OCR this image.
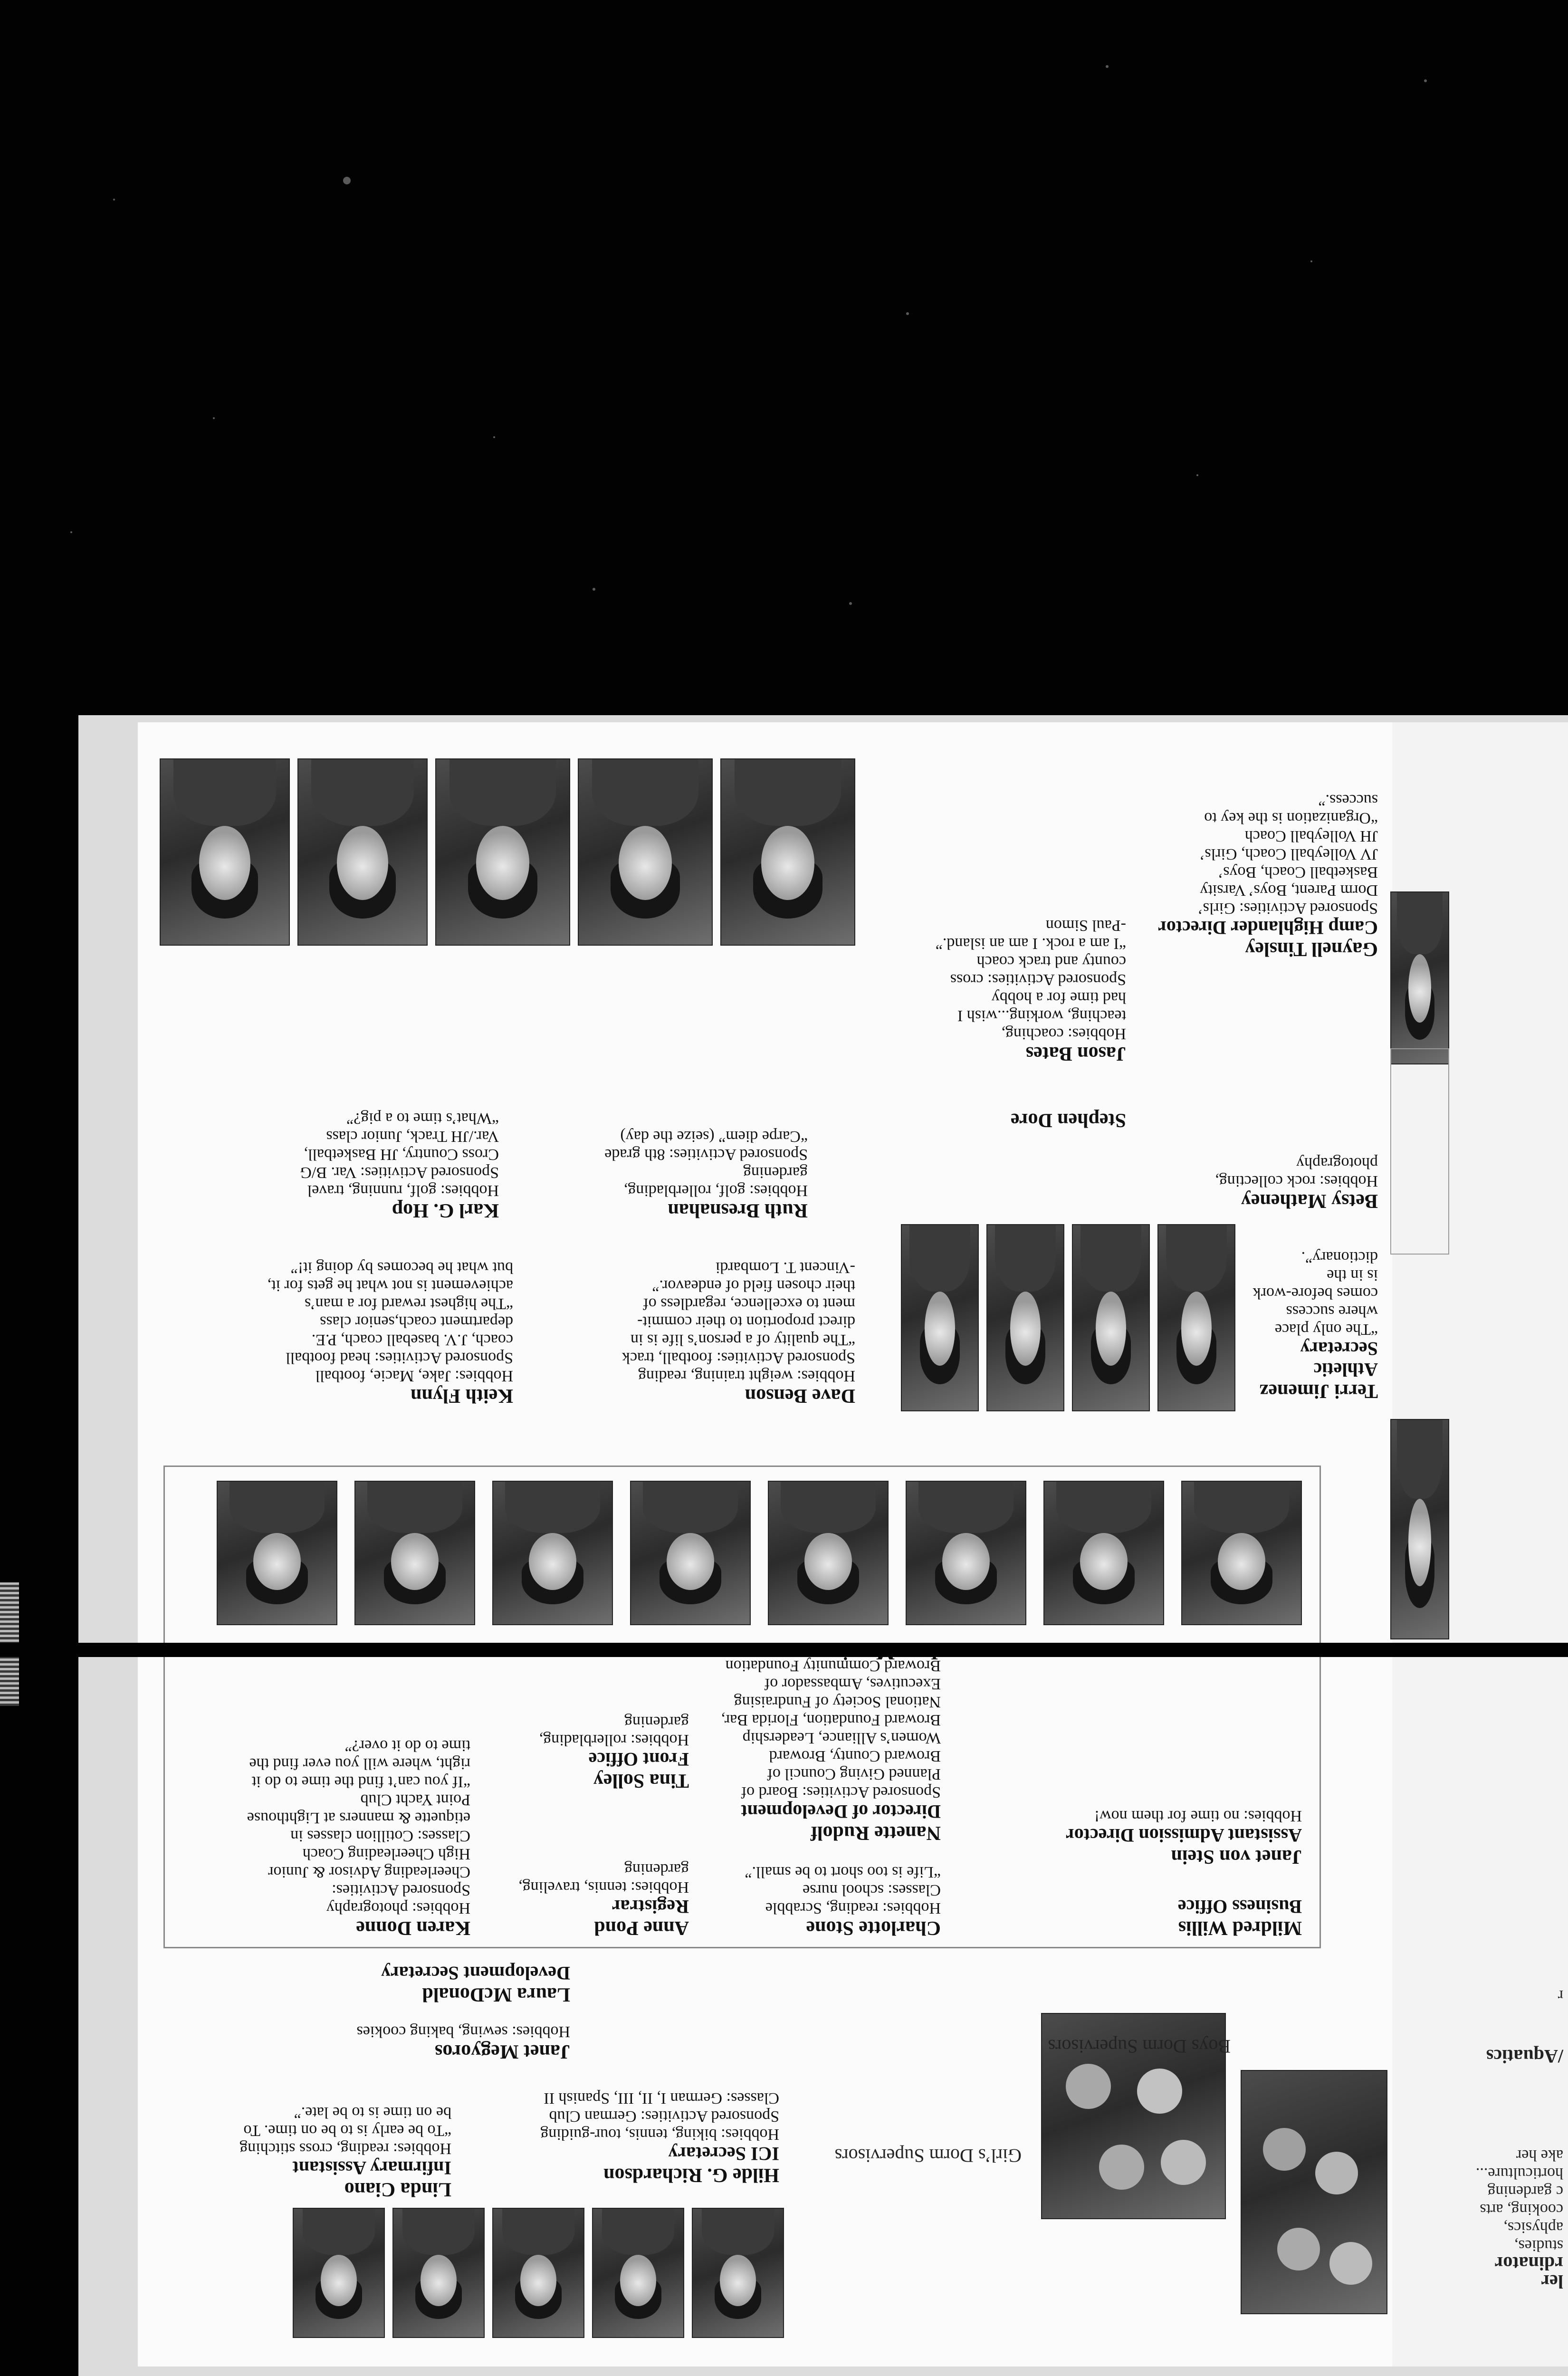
ler
rdinator
studies,
aphysics,
cooking, arts
c gardening
horticulture...
ake her
/Aquatics
r
Girl’s Dorm Supervisors
Boys Dorm Supervisors
Linda Ciano
Infirmary Assistant
Hobbies: reading, cross stitching
“To be early is to be on time. To
be on time is to be late.”
Janet Megyoros
Hobbies: sewing, baking cookies
Hilde G. Richardson
ICI Secretary
Hobbies: biking, tennis, tour-guiding
Sponsored Activities: German Club
Classes: German I, II, III, Spanish II
Laura McDonald
Development Secretary
Karen Donne
Hobbies: photography
Sponsored Activities:
Cheerleading Advisor & Junior
High Cheerleading Coach
Classes: Cotillion classes in
etiquette & manners at Lighthouse
Point Yacht Club
“If you can’t find the time to do it
right, where will you ever find the
time to do it over?”
Anne Pond
Registrar
Hobbies: tennis, traveling,
gardening
Tina Solley
Front Office
Hobbies: rollerblading, gardening
Charlotte Stone
Hobbies: reading, Scrabble
Classes: school nurse
“Life is too short to be small.”
Nanette Rudolf
Director of Development
Sponsored Activities: Board of
Planned Giving Council of
Broward County, Broward
Women’s Alliance, Leadership
Broward Foundation, Florida Bar,
National Society of Fundraising
Executives, Ambassador of
Broward Community Foundation
Mildred Willis
Business Office
Janet von Stein
Assistant Admission Director
Hobbies: no time for them now!
Keith Flynn
Hobbies: Jake, Macie, football
Sponsored Activities: head football
coach, J.V. baseball coach, P.E.
department coach,senior class
“The highest reward for a man’s
achievement is not what he gets for it,
but what he becomes by doing it!”
Dave Benson
Hobbies: weight training, reading
Sponsored Activities: football, track
“The quality of a person’s life is in
direct proportion to their commit-
ment to excellence, regardless of
their chosen field of endeavor.”
-Vincent T. Lombardi
Terri Jimenez
Athletic Secretary
“The only place where success
comes before-work is in the
dictionary”.
Karl G. Hop
Hobbies: golf, running, travel
Sponsored Activities: Var. B/G
Cross Country, JH Basketball,
Var./JH Track, Junior class
“What’s time to a pig?”
Ruth Bresnahan
Hobbies: golf, rollerblading,
gardening
Sponsored Activities: 8th grade
“Carpe diem” (seize the day)
Betsy Matheney
Hobbies: rock collecting,
photography
Stephen Dore
Jason Bates
Hobbies: coaching,
teaching, working...wish I
had time for a hobby
Sponsored Activities: cross
county and track coach
“I am a rock. I am an island.”
-Paul Simon
Gaynell Tinsley
Camp Highlander Director
Sponsored Activities: Girls’
Dorm Parent, Boys’ Varsity
Basketball Coach, Boys’
JV Volleyball Coach, Girls’
JH Volleyball Coach
“Organization is the key to
success.”
